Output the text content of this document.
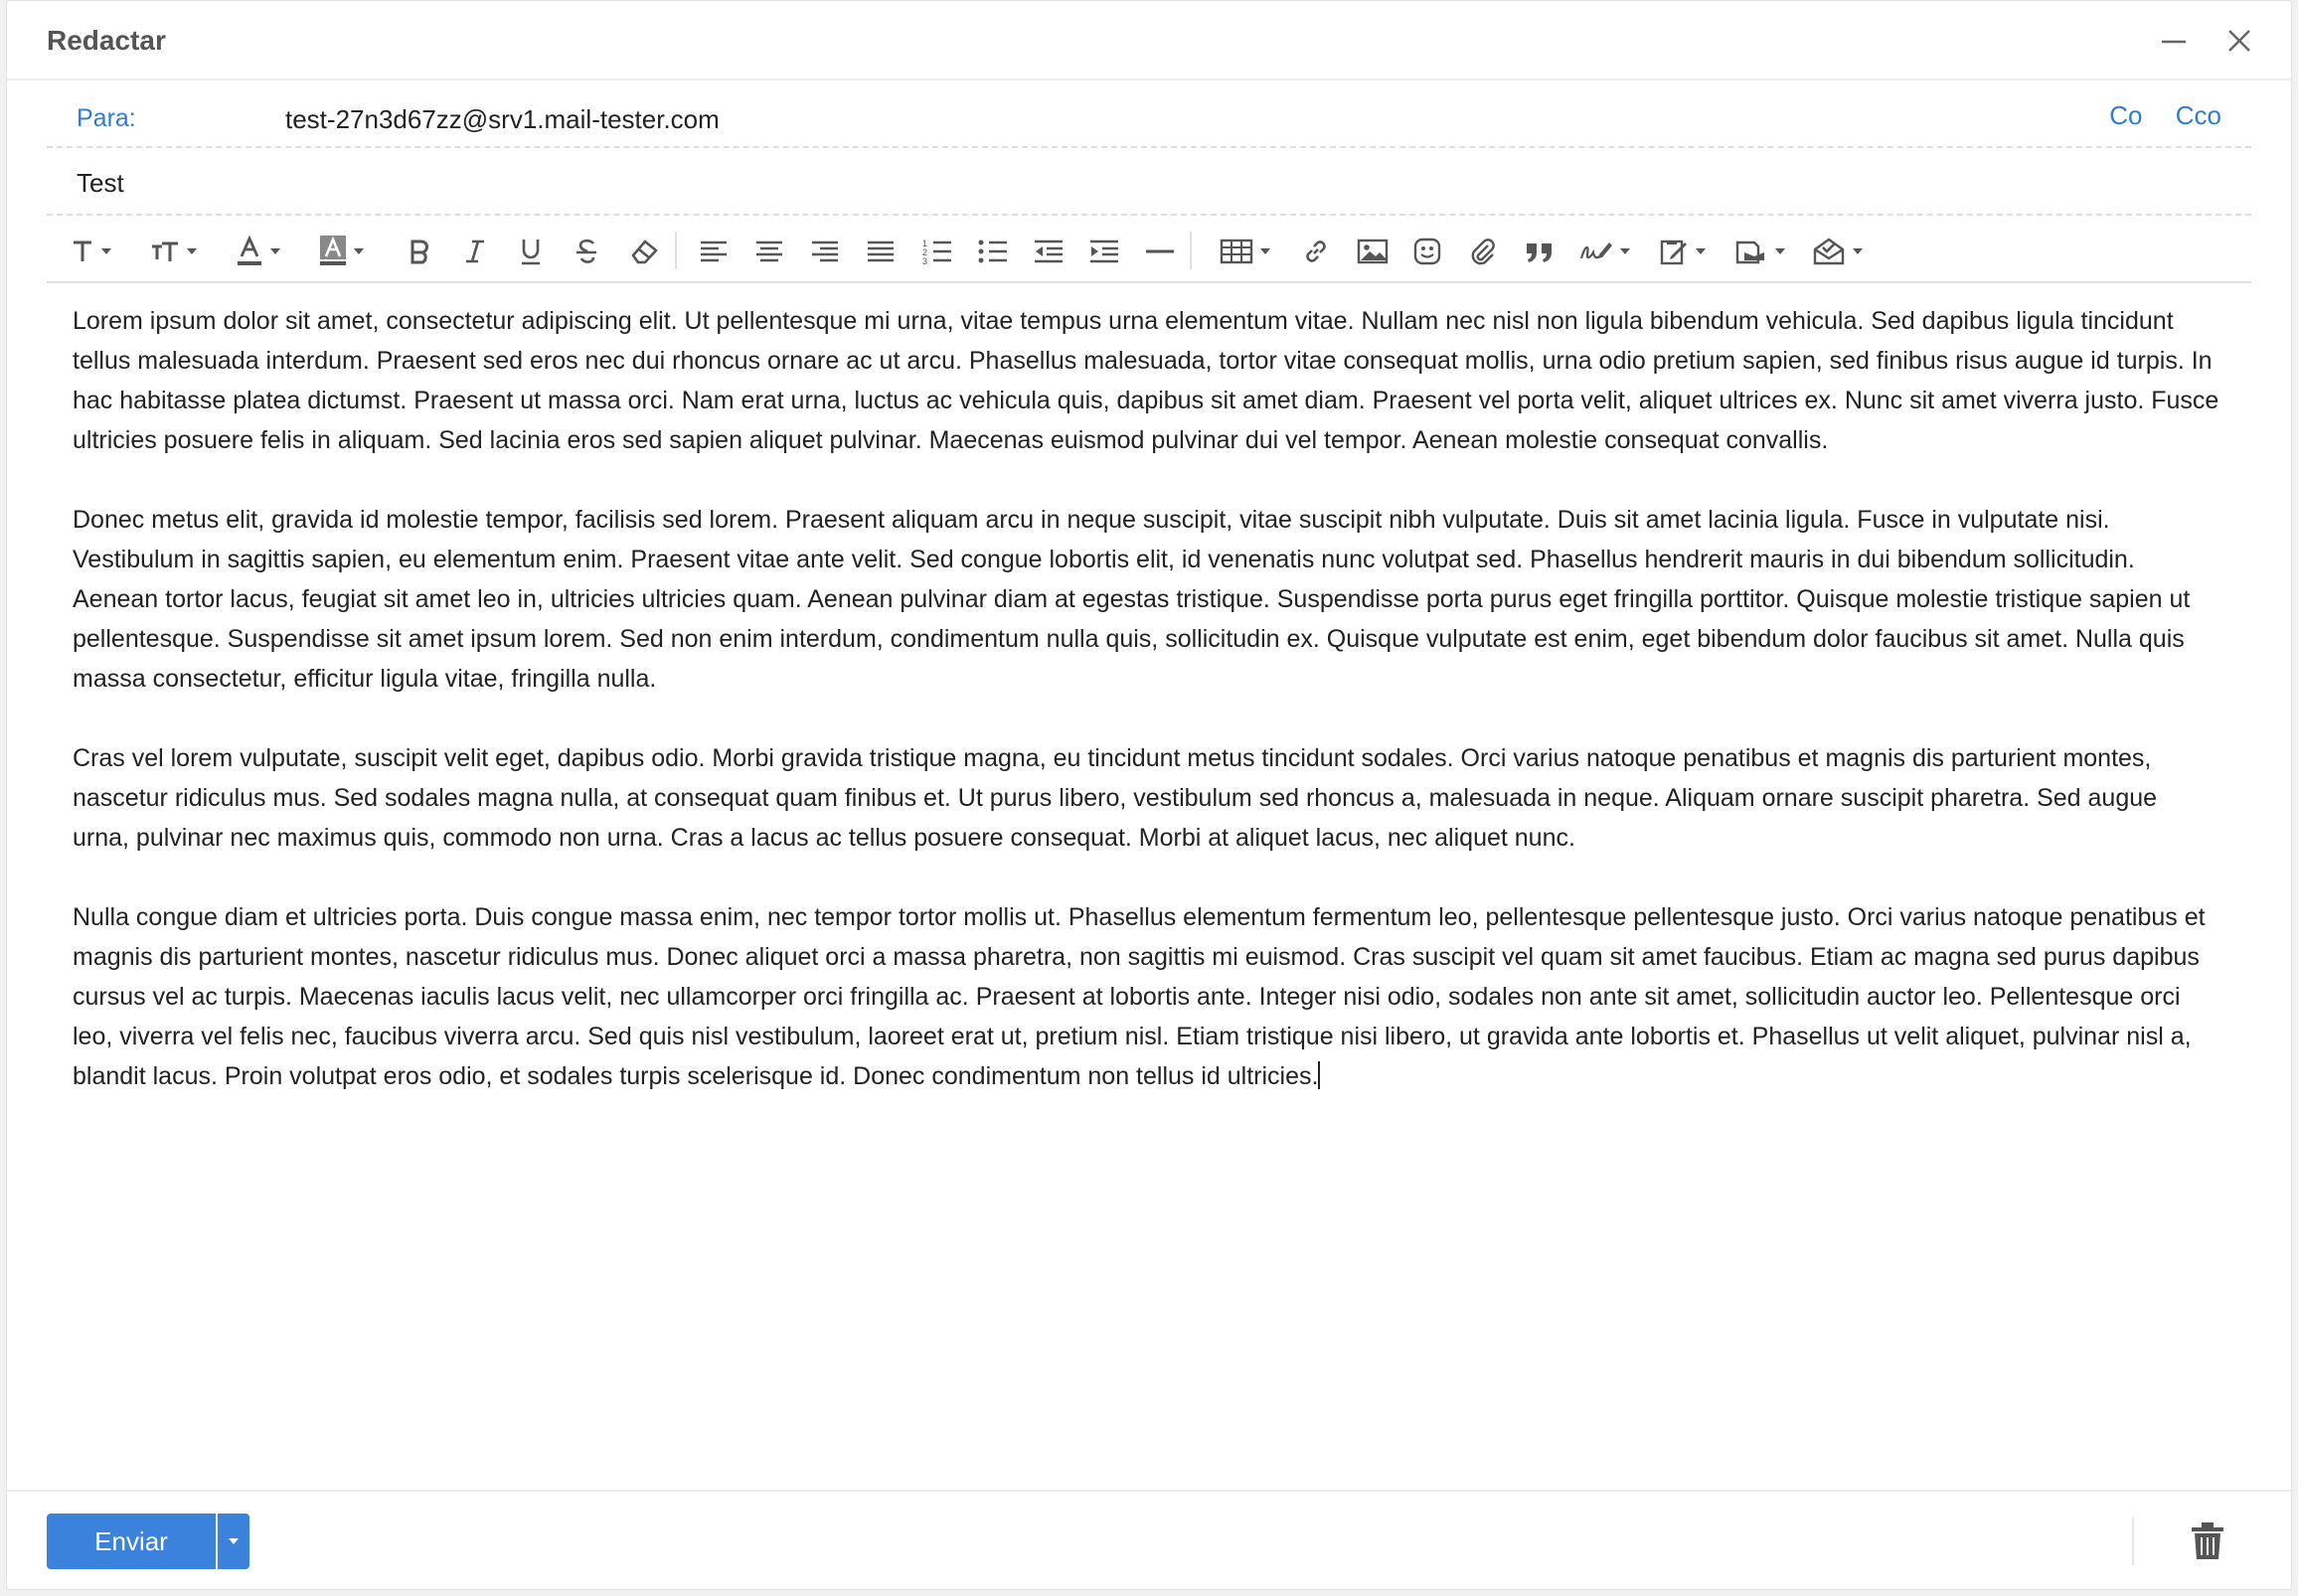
Redactar
Para:	test-27n3d67zz@srv1.mail-tester.com	Co Cco
Test
1
2
3

Lorem ipsum dolor sit amet, consectetur adipiscing elit. Ut pellentesque mi urna, vitae tempus urna elementum vitae. Nullam nec nisl non ligula bibendum vehicula. Sed dapibus ligula tincidunt tellus malesuada interdum. Praesent sed eros nec dui rhoncus ornare ac ut arcu. Phasellus malesuada, tortor vitae consequat mollis, urna odio pretium sapien, sed finibus risus augue id turpis. In hac habitasse platea dictumst. Praesent ut massa orci. Nam erat urna, luctus ac vehicula quis, dapibus sit amet diam. Praesent vel porta velit, aliquet ultrices ex. Nunc sit amet viverra justo. Fusce ultricies posuere felis in aliquam. Sed lacinia eros sed sapien aliquet pulvinar. Maecenas euismod pulvinar dui vel tempor. Aenean molestie consequat convallis.

Donec metus elit, gravida id molestie tempor, facilisis sed lorem. Praesent aliquam arcu in neque suscipit, vitae suscipit nibh vulputate. Duis sit amet lacinia ligula. Fusce in vulputate nisi. Vestibulum in sagittis sapien, eu elementum enim. Praesent vitae ante velit. Sed congue lobortis elit, id venenatis nunc volutpat sed. Phasellus hendrerit mauris in dui bibendum sollicitudin. Aenean tortor lacus, feugiat sit amet leo in, ultricies ultricies quam. Aenean pulvinar diam at egestas tristique. Suspendisse porta purus eget fringilla porttitor. Quisque molestie tristique sapien ut pellentesque. Suspendisse sit amet ipsum lorem. Sed non enim interdum, condimentum nulla quis, sollicitudin ex. Quisque vulputate est enim, eget bibendum dolor faucibus sit amet. Nulla quis massa consectetur, efficitur ligula vitae, fringilla nulla.

Cras vel lorem vulputate, suscipit velit eget, dapibus odio. Morbi gravida tristique magna, eu tincidunt metus tincidunt sodales. Orci varius natoque penatibus et magnis dis parturient montes, nascetur ridiculus mus. Sed sodales magna nulla, at consequat quam finibus et. Ut purus libero, vestibulum sed rhoncus a, malesuada in neque. Aliquam ornare suscipit pharetra. Sed augue urna, pulvinar nec maximus quis, commodo non urna. Cras a lacus ac tellus posuere consequat. Morbi at aliquet lacus, nec aliquet nunc.

Nulla congue diam et ultricies porta. Duis congue massa enim, nec tempor tortor mollis ut. Phasellus elementum fermentum leo, pellentesque pellentesque justo. Orci varius natoque penatibus et magnis dis parturient montes, nascetur ridiculus mus. Donec aliquet orci a massa pharetra, non sagittis mi euismod. Cras suscipit vel quam sit amet faucibus. Etiam ac magna sed purus dapibus cursus vel ac turpis. Maecenas iaculis lacus velit, nec ullamcorper orci fringilla ac. Praesent at lobortis ante. Integer nisi odio, sodales non ante sit amet, sollicitudin auctor leo. Pellentesque orci leo, viverra vel felis nec, faucibus viverra arcu. Sed quis nisl vestibulum, laoreet erat ut, pretium nisl. Etiam tristique nisi libero, ut gravida ante lobortis et. Phasellus ut velit aliquet, pulvinar nisl a, blandit lacus. Proin volutpat eros odio, et sodales turpis scelerisque id. Donec condimentum non tellus id ultricies.

Enviar
